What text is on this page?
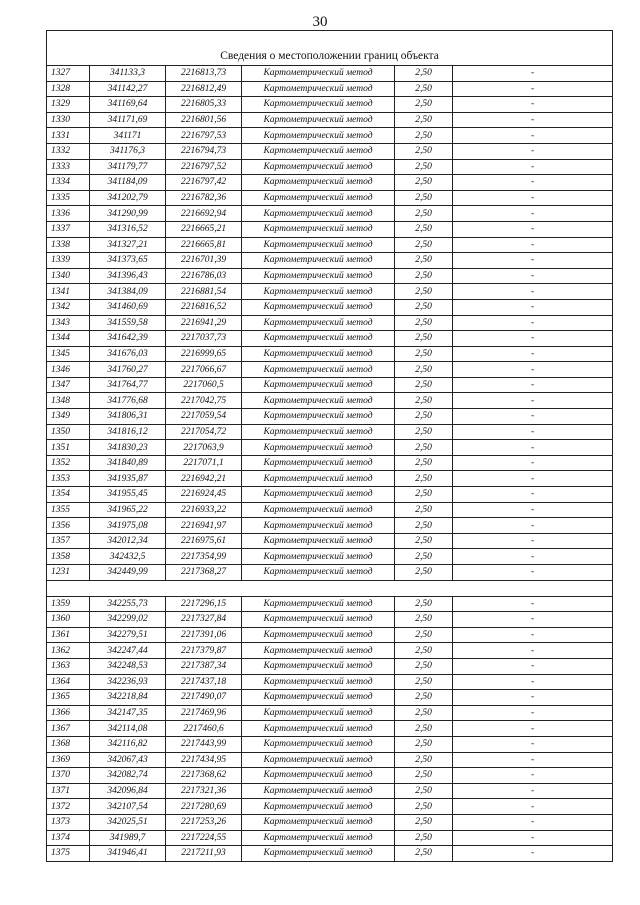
30
Сведения о местоположении границ объекта					
1327	341133,3	2216813,73	Картометрический метод	2,50	-
1328	341142,27	2216812,49	Картометрический метод	2,50	-
1329	341169,64	2216805,33	Картометрический метод	2,50	-
1330	341171,69	2216801,56	Картометрический метод	2,50	-
1331	341171	2216797,53	Картометрический метод	2,50	-
1332	341176,3	2216794,73	Картометрический метод	2,50	-
1333	341179,77	2216797,52	Картометрический метод	2,50	-
1334	341184,09	2216797,42	Картометрический метод	2,50	-
1335	341202,79	2216782,36	Картометрический метод	2,50	-
1336	341290,99	2216692,94	Картометрический метод	2,50	-
1337	341316,52	2216665,21	Картометрический метод	2,50	-
1338	341327,21	2216665,81	Картометрический метод	2,50	-
1339	341373,65	2216701,39	Картометрический метод	2,50	-
1340	341396,43	2216786,03	Картометрический метод	2,50	-
1341	341384,09	2216881,54	Картометрический метод	2,50	-
1342	341460,69	2216816,52	Картометрический метод	2,50	-
1343	341559,58	2216941,29	Картометрический метод	2,50	-
1344	341642,39	2217037,73	Картометрический метод	2,50	-
1345	341676,03	2216999,65	Картометрический метод	2,50	-
1346	341760,27	2217066,67	Картометрический метод	2,50	-
1347	341764,77	2217060,5	Картометрический метод	2,50	-
1348	341776,68	2217042,75	Картометрический метод	2,50	-
1349	341806,31	2217059,54	Картометрический метод	2,50	-
1350	341816,12	2217054,72	Картометрический метод	2,50	-
1351	341830,23	2217063,9	Картометрический метод	2,50	-
1352	341840,89	2217071,1	Картометрический метод	2,50	-
1353	341935,87	2216942,21	Картометрический метод	2,50	-
1354	341955,45	2216924,45	Картометрический метод	2,50	-
1355	341965,22	2216933,22	Картометрический метод	2,50	-
1356	341975,08	2216941,97	Картометрический метод	2,50	-
1357	342012,34	2216975,61	Картометрический метод	2,50	-
1358	342432,5	2217354,99	Картометрический метод	2,50	-
1231	342449,99	2217368,27	Картометрический метод	2,50	-

1359	342255,73	2217296,15	Картометрический метод	2,50	-
1360	342299,02	2217327,84	Картометрический метод	2,50	-
1361	342279,51	2217391,06	Картометрический метод	2,50	-
1362	342247,44	2217379,87	Картометрический метод	2,50	-
1363	342248,53	2217387,34	Картометрический метод	2,50	-
1364	342236,93	2217437,18	Картометрический метод	2,50	-
1365	342218,84	2217490,07	Картометрический метод	2,50	-
1366	342147,35	2217469,96	Картометрический метод	2,50	-
1367	342114,08	2217460,6	Картометрический метод	2,50	-
1368	342116,82	2217443,99	Картометрический метод	2,50	-
1369	342067,43	2217434,95	Картометрический метод	2,50	-
1370	342082,74	2217368,62	Картометрический метод	2,50	-
1371	342096,84	2217321,36	Картометрический метод	2,50	-
1372	342107,54	2217280,69	Картометрический метод	2,50	-
1373	342025,51	2217253,26	Картометрический метод	2,50	-
1374	341989,7	2217224,55	Картометрический метод	2,50	-
1375	341946,41	2217211,93	Картометрический метод	2,50	-
